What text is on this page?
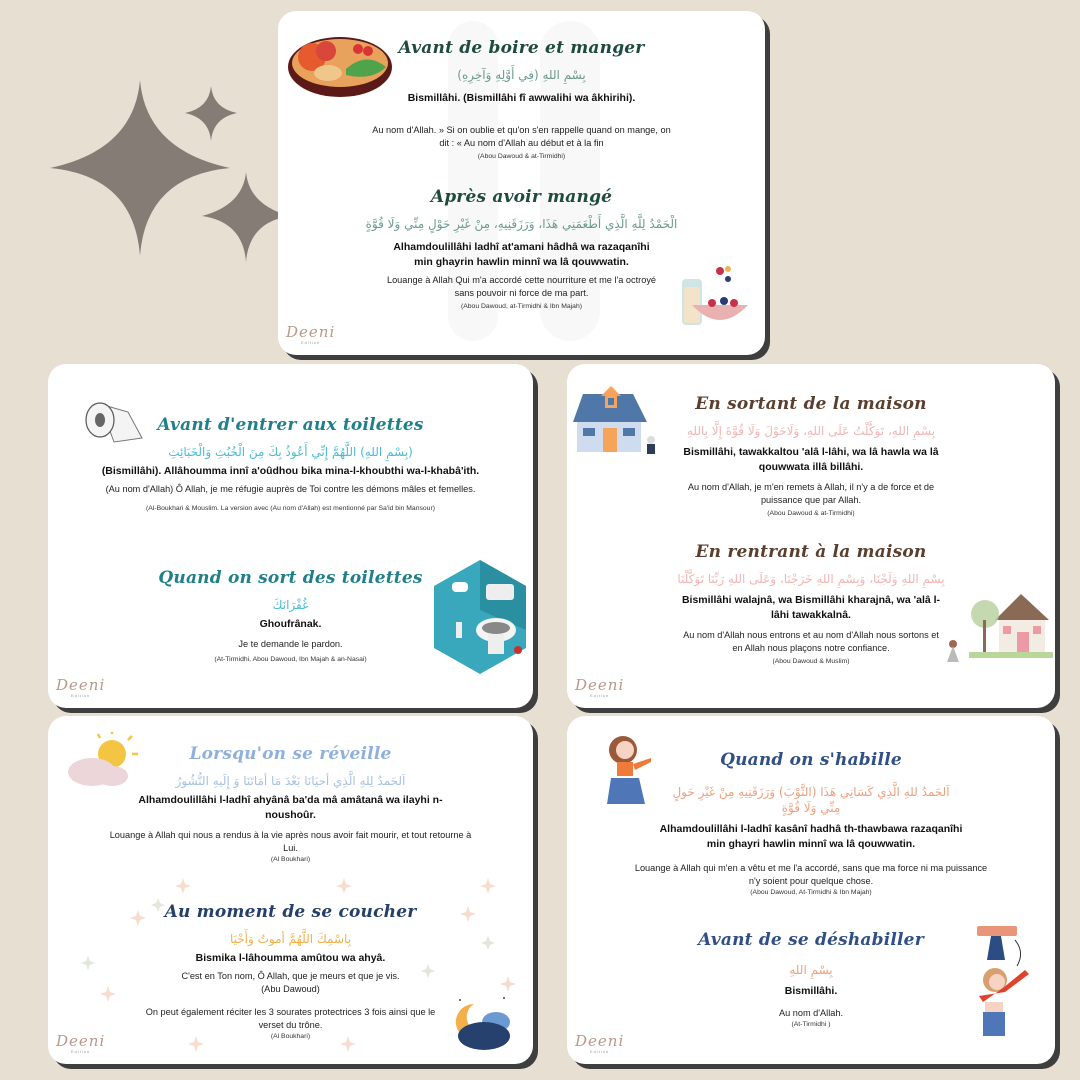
Avant de boire et manger
بِسْمِ اللهِ (فِي أَوَّلِهِ وَآخِرِهِ)
Bismillâhi. (Bismillâhi fî awwalihi wa âkhirihi).
Au nom d'Allah. » Si on oublie et qu'on s'en rappelle quand on mange, on dit : « Au nom d'Allah au début et à la fin
(Abou Dawoud & at-Tirmidhi)
Après avoir mangé
الْحَمْدُ لِلَّهِ الَّذِي أَطْعَمَنِي هَذَا، وَرَزَقَنِيهِ، مِنْ غَيْرِ حَوْلٍ مِنِّي وَلَا قُوَّةٍ
Alhamdoulillâhi ladhî at'amani hâdhâ wa razaqanîhi min ghayrin hawlin minnî wa lâ qouwwatin.
Louange à Allah Qui m'a accordé cette nourriture et me l'a octroyé sans pouvoir ni force de ma part.
(Abou Dawoud, at-Tirmidhi & Ibn Majah)
Deeni
Edition
Avant d'entrer aux toilettes
(بِسْمِ اللهِ) اللَّهُمَّ إِنِّي أَعُوذُ بِكَ مِنَ الْخُبُثِ وَالْخَبَائِثِ
(Bismillâhi). Allâhoumma innî a'oûdhou bika mina-l-khoubthi wa-l-khabâ'ith.
(Au nom d'Allah) Ô Allah, je me réfugie auprès de Toi contre les démons mâles et femelles.
(Al-Boukhari & Mouslim. La version avec (Au nom d'Allah) est mentionné par Sa'id bin Mansour)
Quand on sort des toilettes
غُفْرَانَكَ
Ghoufrânak.
Je te demande le pardon.
(At-Tirmidhi, Abou Dawoud, Ibn Majah & an-Nasai)
Deeni
Edition
En sortant de la maison
بِسْمِ اللهِ، تَوَكَّلْتُ عَلَى اللهِ، وَلَاحَوْلَ وَلَا قُوَّةَ إِلَّا بِاللهِ
Bismillâhi, tawakkaltou 'alâ l-lâhi, wa lâ hawla wa lâ qouwwata illâ billâhi.
Au nom d'Allah, je m'en remets à Allah, il n'y a de force et de puissance que par Allah.
(Abou Dawoud & at-Tirmidhi)
En rentrant à la maison
بِسْمِ اللهِ وَلَجْنَا، وَبِسْمِ اللهِ خَرَجْنَا، وَعَلَى اللهِ رَبِّنَا تَوَكَّلْنَا
Bismillâhi walajnâ, wa Bismillâhi kharajnâ, wa 'alâ l-lâhi tawakkalnâ.
Au nom d'Allah nous entrons et au nom d'Allah nous sortons et en Allah nous plaçons notre confiance.
(Abou Dawoud & Muslim)
Deeni
Edition
Lorsqu'on se réveille
اَلحَمدُ لِلهِ الَّذِي أحيَانَا بَعْدَ مَا أمَاتَنَا وَ إِلَيهِ النُّشُورُ
Alhamdoulillâhi l-ladhî ahyânâ ba'da mâ amâtanâ wa ilayhi n-noushoûr.
Louange à Allah qui nous a rendus à la vie après nous avoir fait mourir, et tout retourne à Lui.
(Al Boukhari)
Au moment de se coucher
بِاسْمِكَ اللَّهُمَّ أموتُ وَأَحْيَا
Bismika l-lâhoumma amûtou wa ahyâ.
C'est en Ton nom, Ô Allah, que je meurs et que je vis.
(Abu Dawoud)
On peut également réciter les 3 sourates protectrices 3 fois ainsi que le verset du trône.
(Al Boukhari)
Deeni
Edition
Quand on s'habille
اَلحَمدُ للهِ الَّذِي كَسَانِي هَذَا (الثَّوْبَ) وَرَزَقَنِيهِ مِنْ غَيْرِ حَولٍ مِنِّي وَلَا قُوَّةٍ
Alhamdoulillâhi l-ladhî kasânî hadhâ th-thawbawa razaqanîhi min ghayri hawlin minnî wa lâ qouwwatin.
Louange à Allah qui m'en a vêtu et me l'a accordé, sans que ma force ni ma puissance n'y soient pour quelque chose.
(Abou Dawoud, At-Tirmidhi & Ibn Majah)
Avant de se déshabiller
بِسْمِ اللهِ
Bismillâhi.
Au nom d'Allah.
(At-Tirmidhi )
Deeni
Edition
